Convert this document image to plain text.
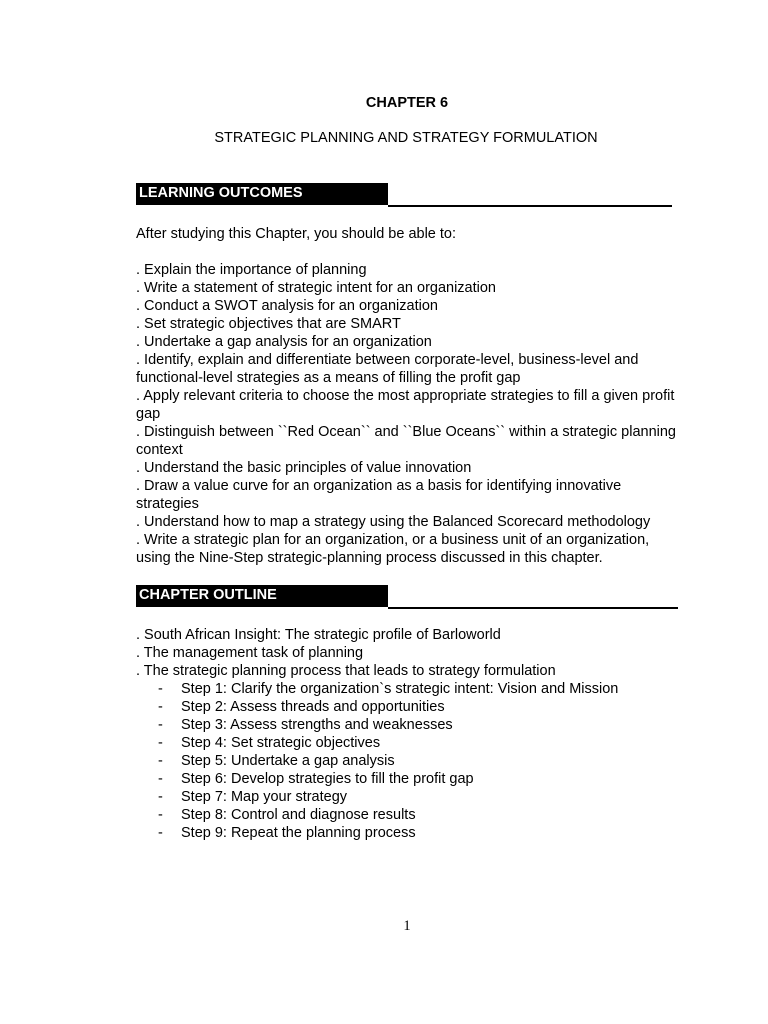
CHAPTER 6
STRATEGIC PLANNING AND STRATEGY FORMULATION
LEARNING OUTCOMES
After studying this Chapter, you should be able to:
. Explain the importance of planning
. Write a statement of strategic intent for an organization
. Conduct a SWOT analysis for an organization
. Set strategic objectives that are SMART
. Undertake a gap analysis for an organization
. Identify, explain and differentiate between corporate-level, business-level and functional-level strategies as a means of filling the profit gap
. Apply relevant criteria to choose the most appropriate strategies to fill a given profit gap
. Distinguish between ``Red Ocean`` and ``Blue Oceans`` within a strategic planning context
. Understand the basic principles of value innovation
. Draw a value curve for an organization as a basis for identifying innovative strategies
. Understand how to map a strategy using the Balanced Scorecard methodology
. Write a strategic plan for an organization, or a business unit of an organization, using the Nine-Step strategic-planning process discussed in this chapter.
CHAPTER OUTLINE
. South African Insight: The strategic profile of Barloworld
. The management task of planning
. The strategic planning process that leads to strategy formulation
- Step 1: Clarify the organization`s strategic intent: Vision and Mission
- Step 2: Assess threads and opportunities
- Step 3: Assess strengths and weaknesses
- Step 4: Set strategic objectives
- Step 5: Undertake a gap analysis
- Step 6: Develop strategies to fill the profit gap
- Step 7: Map your strategy
- Step 8: Control and diagnose results
- Step 9: Repeat the planning process
1
